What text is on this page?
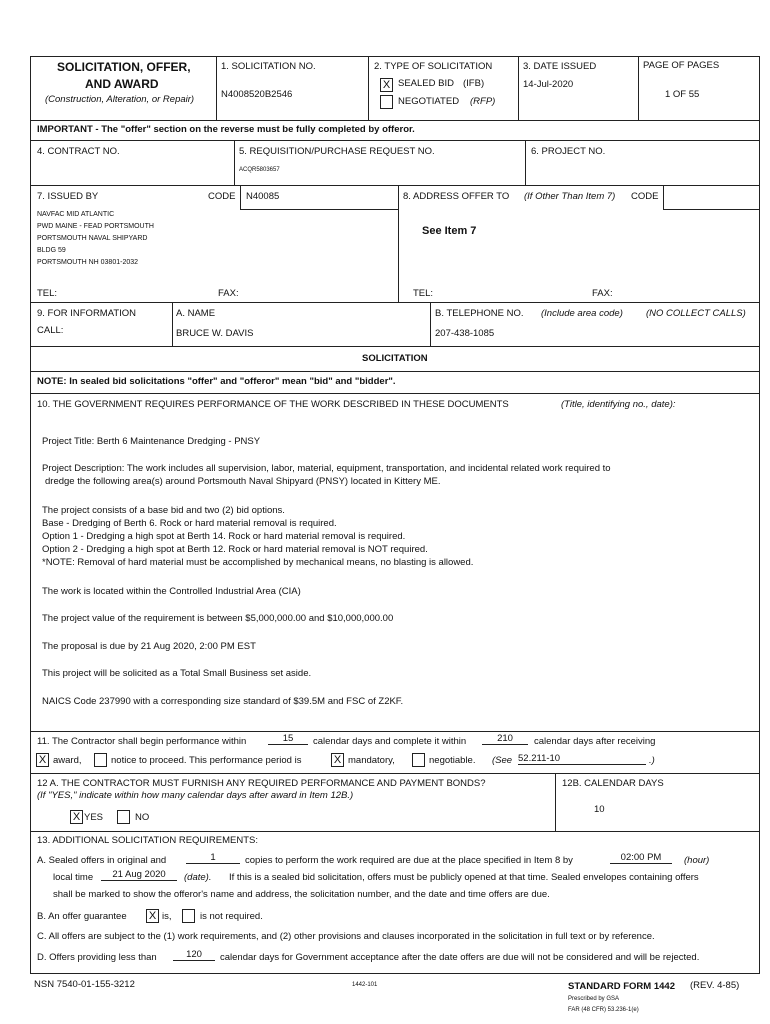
SOLICITATION, OFFER,
AND AWARD
(Construction, Alteration, or Repair)
1. SOLICITATION NO.
N4008520B2546
2. TYPE OF SOLICITATION
X SEALED BID (IFB)
NEGOTIATED (RFP)
3. DATE ISSUED
14-Jul-2020
PAGE OF PAGES
1 OF 55
IMPORTANT - The "offer" section on the reverse must be fully completed by offeror.
4. CONTRACT NO.	5. REQUISITION/PURCHASE REQUEST NO.
ACQR5803657
6. PROJECT NO.
7. ISSUED BY	CODE N40085
NAVFAC MID ATLANTIC
PWD MAINE - FEAD PORTSMOUTH
PORTSMOUTH NAVAL SHIPYARD
BLDG 59
PORTSMOUTH NH 03801-2032
TEL:	FAX:
8. ADDRESS OFFER TO (If Other Than Item 7) CODE
See Item 7
TEL:	FAX:
9. FOR INFORMATION
CALL:
A. NAME
BRUCE W. DAVIS
B. TELEPHONE NO. (Include area code) (NO COLLECT CALLS)
207-438-1085
SOLICITATION
NOTE: In sealed bid solicitations "offer" and "offeror" mean "bid" and "bidder".
10. THE GOVERNMENT REQUIRES PERFORMANCE OF THE WORK DESCRIBED IN THESE DOCUMENTS	(Title, identifying no., date):
Project Title: Berth 6 Maintenance Dredging - PNSY
Project Description: The work includes all supervision, labor, material, equipment, transportation, and incidental related work required to
dredge the following area(s) around Portsmouth Naval Shipyard (PNSY) located in Kittery ME.
The project consists of a base bid and two (2) bid options.
Base - Dredging of Berth 6. Rock or hard material removal is required.
Option 1 - Dredging a high spot at Berth 14. Rock or hard material removal is required.
Option 2 - Dredging a high spot at Berth 12. Rock or hard material removal is NOT required.
*NOTE: Removal of hard material must be accomplished by mechanical means, no blasting is allowed.
The work is located within the Controlled Industrial Area (CIA)
The project value of the requirement is between $5,000,000.00 and $10,000,000.00
The proposal is due by 21 Aug 2020, 2:00 PM EST
This project will be solicited as a Total Small Business set aside.
NAICS Code 237990 with a corresponding size standard of $39.5M and FSC of Z2KF.
11. The Contractor shall begin performance within	15	calendar days and complete it within	210	calendar days after receiving
X award,	notice to proceed. This performance period is	X mandatory,	negotiable. (See 52.211-10	.)
12 A. THE CONTRACTOR MUST FURNISH ANY REQUIRED PERFORMANCE AND PAYMENT BONDS?
(If "YES," indicate within how many calendar days after award in Item 12B.)
X YES	NO
12B. CALENDAR DAYS
10
13. ADDITIONAL SOLICITATION REQUIREMENTS:
A. Sealed offers in original and	1	copies to perform the work required are due at the place specified in Item 8 by	02:00 PM	(hour)
local time	21 Aug 2020	(date). If this is a sealed bid solicitation, offers must be publicly opened at that time. Sealed envelopes containing offers
shall be marked to show the offeror's name and address, the solicitation number, and the date and time offers are due.
B. An offer guarantee X is,	is not required.
C. All offers are subject to the (1) work requirements, and (2) other provisions and clauses incorporated in the solicitation in full text or by reference.
D. Offers providing less than	120	calendar days for Government acceptance after the date offers are due will not be considered and will be rejected.
NSN 7540-01-155-3212	1442-101	STANDARD FORM 1442 (REV. 4-85)
Prescribed by GSA
FAR (48 CFR) 53.236-1(e)
